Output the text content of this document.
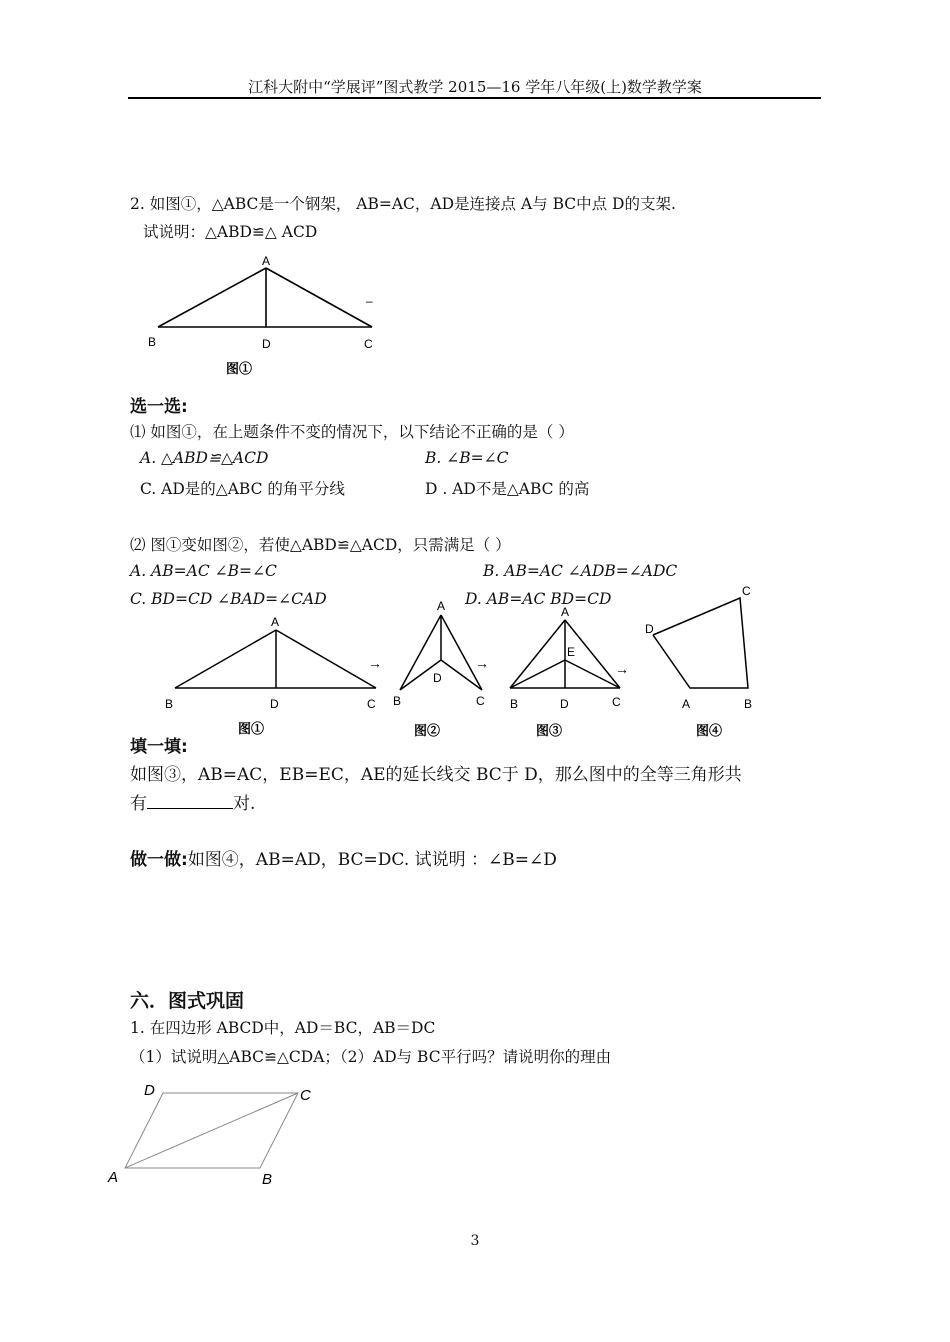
江科大附中“学展评”图式教学 2015—16 学年八年级(上)数学教学案
2. 如图①，△ABC是一个钢架， AB=AC，AD是连接点 A与 BC中点 D的支架.
试说明：△ABD≌△ ACD
A
B	D	C
–
图①
选一选:
⑴ 如图①，在上题条件不变的情况下，以下结论不正确的是（ ）
A. △ABD≌△ACD	B. ∠B=∠C
C. AD是的△ABC 的角平分线	D . AD不是△ABC 的高
⑵ 图①变如图②，若使△ABD≌△ACD，只需满足（ ）
A. AB=AC ∠B=∠C	B. AB=AC ∠ADB=∠ADC
C. BD=CD ∠BAD=∠CAD	D. AB=AC BD=CD
A
B	D	C
图①
→
A
B
D
C
图②
→
A
E
B	D	C
图③
→
C
D
A	B
图④
填一填:
如图③，AB=AC，EB=EC，AE的延长线交 BC于 D，那么图中的全等三角形共
有	对.
做一做:如图④，AB=AD，BC=DC. 试说明 ：∠B=∠D
六．图式巩固
1. 在四边形 ABCD中，AD＝BC，AB＝DC
（1）试说明△ABC≌△CDA；（2）AD与 BC平行吗？请说明你的理由
D	C
A	B
3
